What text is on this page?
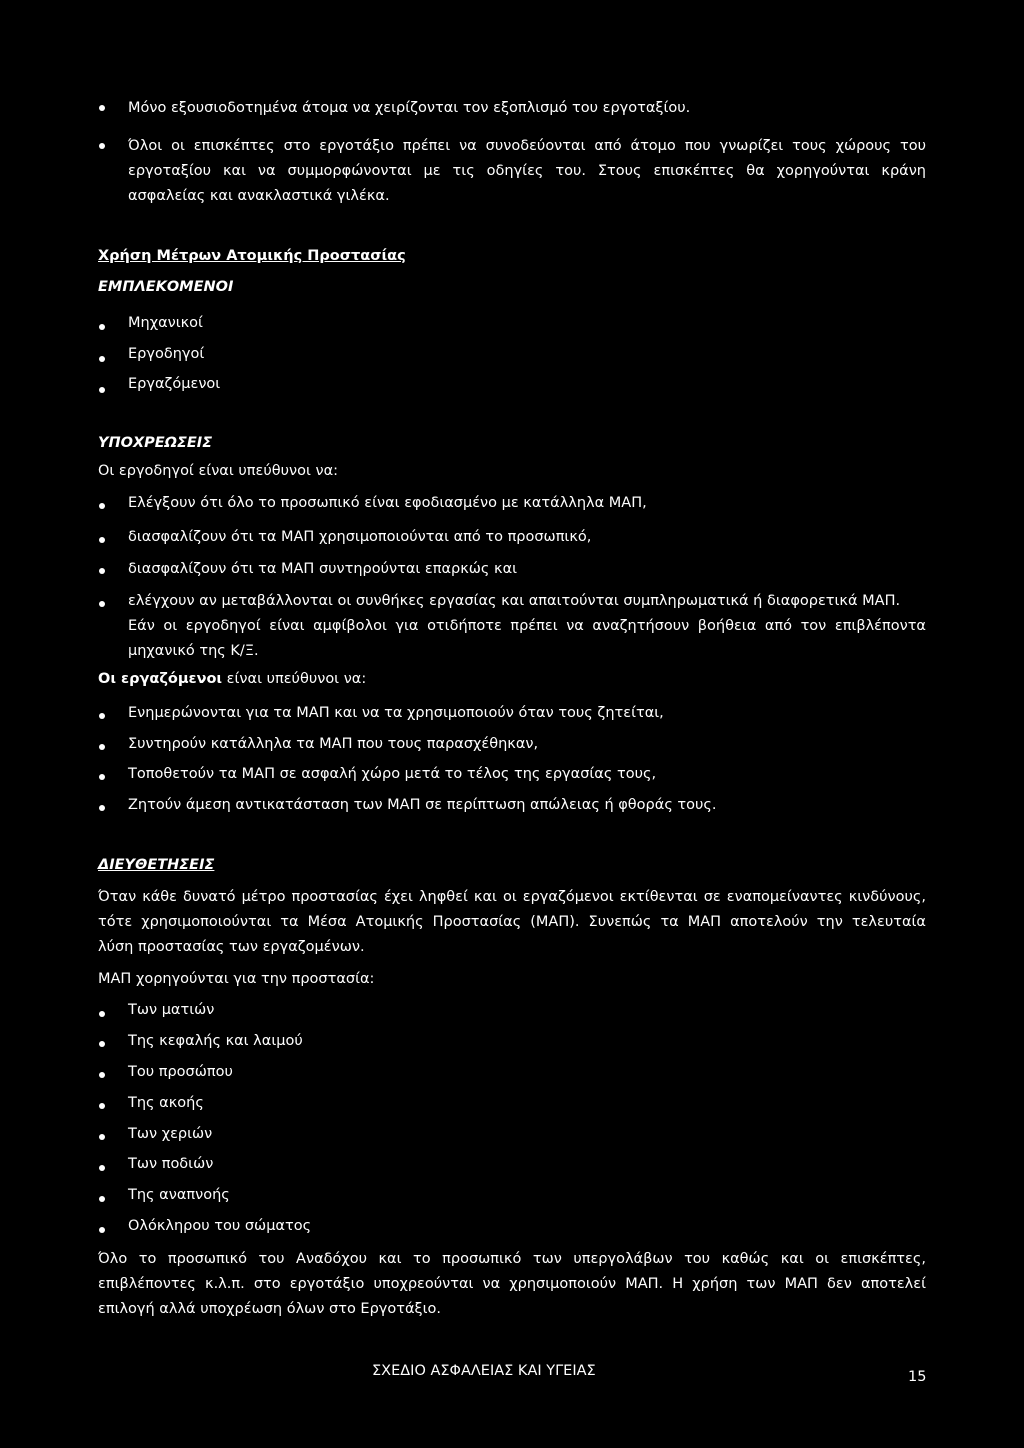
Μόνο εξουσιοδοτημένα άτομα να χειρίζονται τον εξοπλισμό του εργοταξίου.
Όλοι οι επισκέπτες στο εργοτάξιο πρέπει να συνοδεύονται από άτομο που γνωρίζει τους χώρους του
εργοταξίου και να συμμορφώνονται με τις οδηγίες του. Στους επισκέπτες θα χορηγούνται κράνη
ασφαλείας και ανακλαστικά γιλέκα.
Χρήση Μέτρων Ατομικής Προστασίας
ΕΜΠΛΕΚΟΜΕΝΟΙ
Μηχανικοί
Εργοδηγοί
Εργαζόμενοι
ΥΠΟΧΡΕΩΣΕΙΣ
Οι εργοδηγοί είναι υπεύθυνοι να:
Ελέγξουν ότι όλο το προσωπικό είναι εφοδιασμένο με κατάλληλα ΜΑΠ,
διασφαλίζουν ότι τα ΜΑΠ χρησιμοποιούνται από το προσωπικό,
διασφαλίζουν ότι τα ΜΑΠ συντηρούνται επαρκώς και
ελέγχουν αν μεταβάλλονται οι συνθήκες εργασίας και απαιτούνται συμπληρωματικά ή διαφορετικά ΜΑΠ.
Εάν οι εργοδηγοί είναι αμφίβολοι για οτιδήποτε πρέπει να αναζητήσουν βοήθεια από τον επιβλέποντα
μηχανικό της Κ/Ξ.
Οι εργαζόμενοι είναι υπεύθυνοι να:
Ενημερώνονται για τα ΜΑΠ και να τα χρησιμοποιούν όταν τους ζητείται,
Συντηρούν κατάλληλα τα ΜΑΠ που τους παρασχέθηκαν,
Τοποθετούν τα ΜΑΠ σε ασφαλή χώρο μετά το τέλος της εργασίας τους,
Ζητούν άμεση αντικατάσταση των ΜΑΠ σε περίπτωση απώλειας ή φθοράς τους.
ΔΙΕΥΘΕΤΗΣΕΙΣ
Όταν κάθε δυνατό μέτρο προστασίας έχει ληφθεί και οι εργαζόμενοι εκτίθενται σε εναπομείναντες κινδύνους,
τότε χρησιμοποιούνται τα Μέσα Ατομικής Προστασίας (ΜΑΠ). Συνεπώς τα ΜΑΠ αποτελούν την τελευταία
λύση προστασίας των εργαζομένων.
ΜΑΠ χορηγούνται για την προστασία:
Των ματιών
Της κεφαλής και λαιμού
Του προσώπου
Της ακοής
Των χεριών
Των ποδιών
Της αναπνοής
Ολόκληρου του σώματος
Όλο το προσωπικό του Αναδόχου και το προσωπικό των υπεργολάβων του καθώς και οι επισκέπτες,
επιβλέποντες κ.λ.π. στο εργοτάξιο υποχρεούνται να χρησιμοποιούν ΜΑΠ. Η χρήση των ΜΑΠ δεν αποτελεί
επιλογή αλλά υποχρέωση όλων στο Εργοτάξιο.
ΣΧΕΔΙΟ ΑΣΦΑΛΕΙΑΣ ΚΑΙ ΥΓΕΙΑΣ	15
